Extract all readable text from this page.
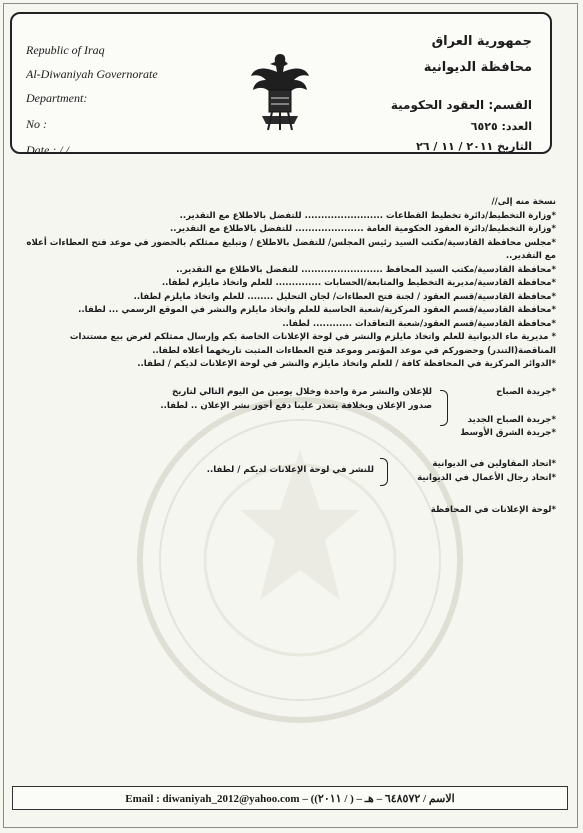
Republic of Iraq
Al-Diwaniyah Governorate
Department:
No :
Date : / /
جمهورية العراق
محافظة الديوانية
القسم: العقود الحكومية
العدد: ٦٥٢٥
التاريخ ٢٠١١ / ١١ / ٢٦

نسخة منه إلى//

*وزارة التخطيط/دائرة تخطيط القطاعات ........................ للتفضل بالاطلاع مع التقدير..

*وزارة التخطيط/دائرة العقود الحكومية العامة ..................... للتفضل بالاطلاع مع التقدير..

*مجلس محافظة القادسية/مكتب السيد رئيس المجلس/ للتفضل بالاطلاع / وتبليغ ممثلكم بالحضور في موعد فتح العطاءات أعلاه مع التقدير..

*محافظة القادسية/مكتب السيد المحافظ ......................... للتفضل بالاطلاع مع التقدير..

*محافظة القادسية/مديرية التخطيط والمتابعة/الحسابات .............. للعلم واتخاذ مايلزم لطفا..

*محافظة القادسية/قسم العقود / لجنة فتح العطاءات/ لجان التحليل ........ للعلم واتخاذ مايلزم لطفا..

*محافظة القادسية/قسم العقود المركزية/شعبة الحاسبة للعلم واتخاذ مايلزم والنشر في الموقع الرسمي ... لطفا..

*محافظة القادسية/قسم العقود/شعبة التعاقدات ............ لطفا..

* مديرية ماء الديوانية للعلم واتخاذ مايلزم والنشر في لوحة الإعلانات الخاصة بكم وإرسال ممثلكم لغرض بيع مستندات المناقصة(التندر) وحضوركم في موعد المؤتمر وموعد فتح العطاءات المثبت تاريخهما أعلاه لطفا..

*الدوائر المركزية في المحافظة كافة / للعلم واتخاذ مايلزم والنشر في لوحة الإعلانات لديكم / لطفا..

*جريدة الصباح
*جريدة الصباح الجديد
*جريدة الشرق الأوسط
للإعلان والنشر مرة واحدة وخلال يومين من اليوم التالي لتاريخ صدور الإعلان وبخلافة يتعذر علينا دفع أجور نشر الإعلان .. لطفا..
*اتحاد المقاولين في الديوانية
*اتحاد رجال الأعمال في الديوانية
للنشر في لوحة الإعلانات لديكم / لطفا..
*لوحة الإعلانات في المحافظة
Email : diwaniyah_2012@yahoo.com – ((٢٠١١ / ) – الاسم / ٦٤٨٥٧٢ – هـ
